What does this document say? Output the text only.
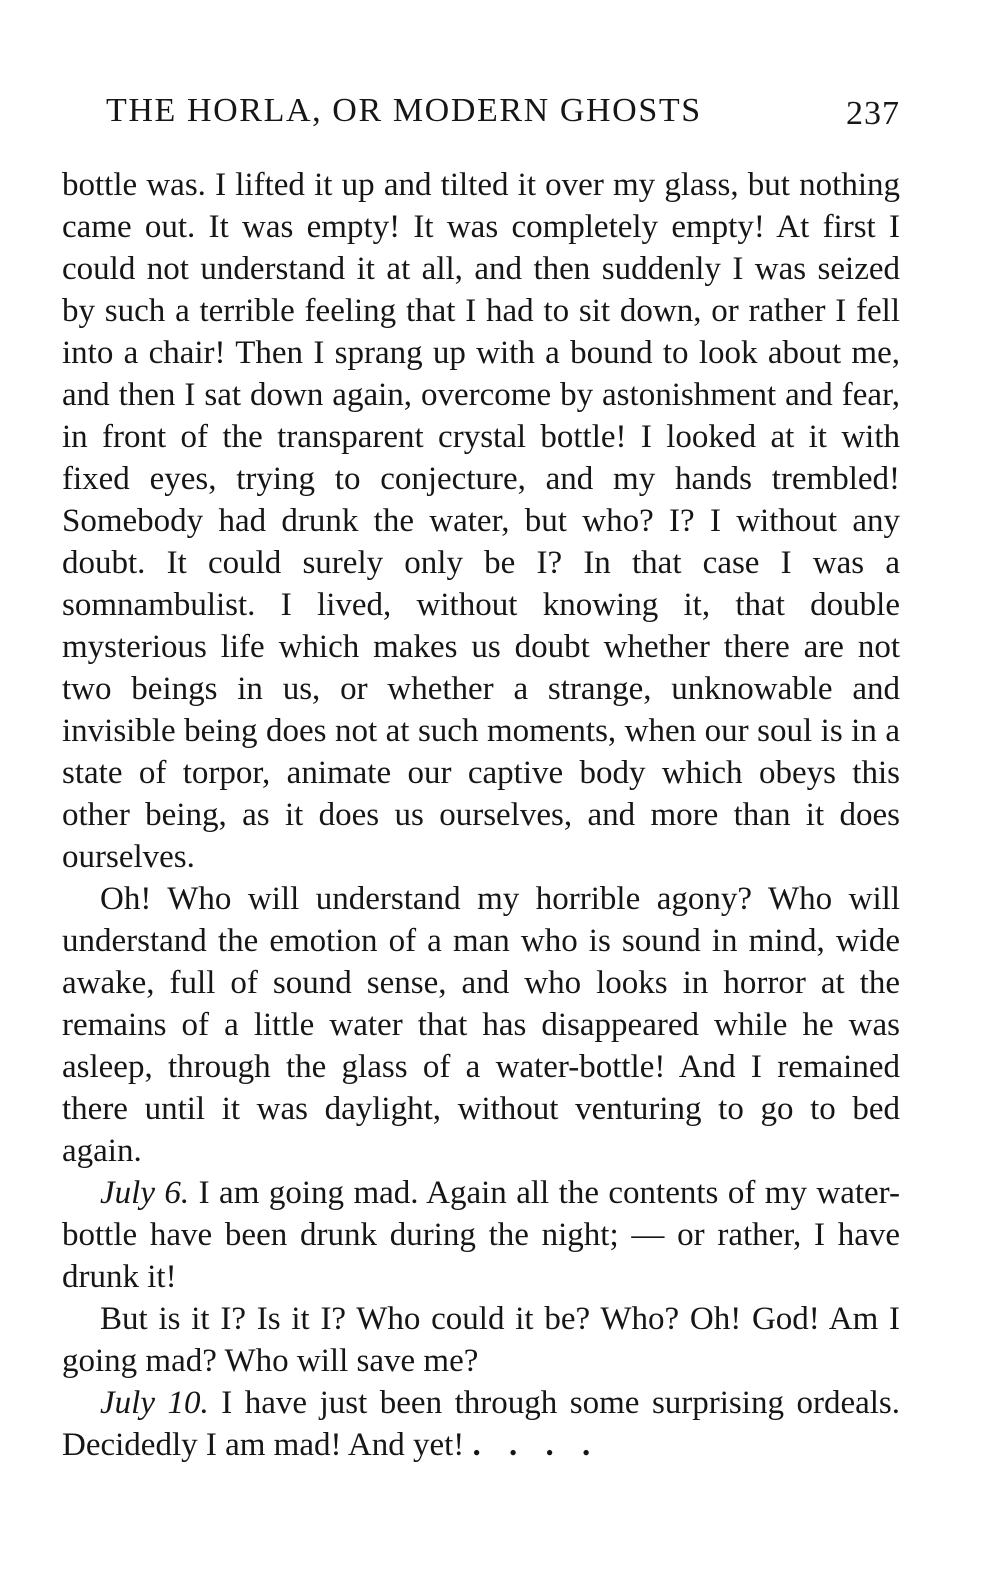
THE HORLA, OR MODERN GHOSTS	237

bottle was. I lifted it up and tilted it over my glass, but nothing came out. It was empty! It was completely empty! At first I could not understand it at all, and then suddenly I was seized by such a terrible feeling that I had to sit down, or rather I fell into a chair! Then I sprang up with a bound to look about me, and then I sat down again, overcome by astonishment and fear, in front of the transparent crystal bottle! I looked at it with fixed eyes, trying to conjecture, and my hands trembled! Somebody had drunk the water, but who? I? I without any doubt. It could surely only be I? In that case I was a somnambulist. I lived, without knowing it, that double mysterious life which makes us doubt whether there are not two beings in us, or whether a strange, unknowable and invisible being does not at such moments, when our soul is in a state of torpor, animate our captive body which obeys this other being, as it does us ourselves, and more than it does ourselves.

Oh! Who will understand my horrible agony? Who will understand the emotion of a man who is sound in mind, wide awake, full of sound sense, and who looks in horror at the remains of a little water that has disappeared while he was asleep, through the glass of a water-bottle! And I remained there until it was daylight, without venturing to go to bed again.

July 6. I am going mad. Again all the contents of my water-bottle have been drunk during the night; — or rather, I have drunk it!

But is it I? Is it I? Who could it be? Who? Oh! God! Am I going mad? Who will save me?

July 10. I have just been through some surprising ordeals. Decidedly I am mad! And yet! . . . .
